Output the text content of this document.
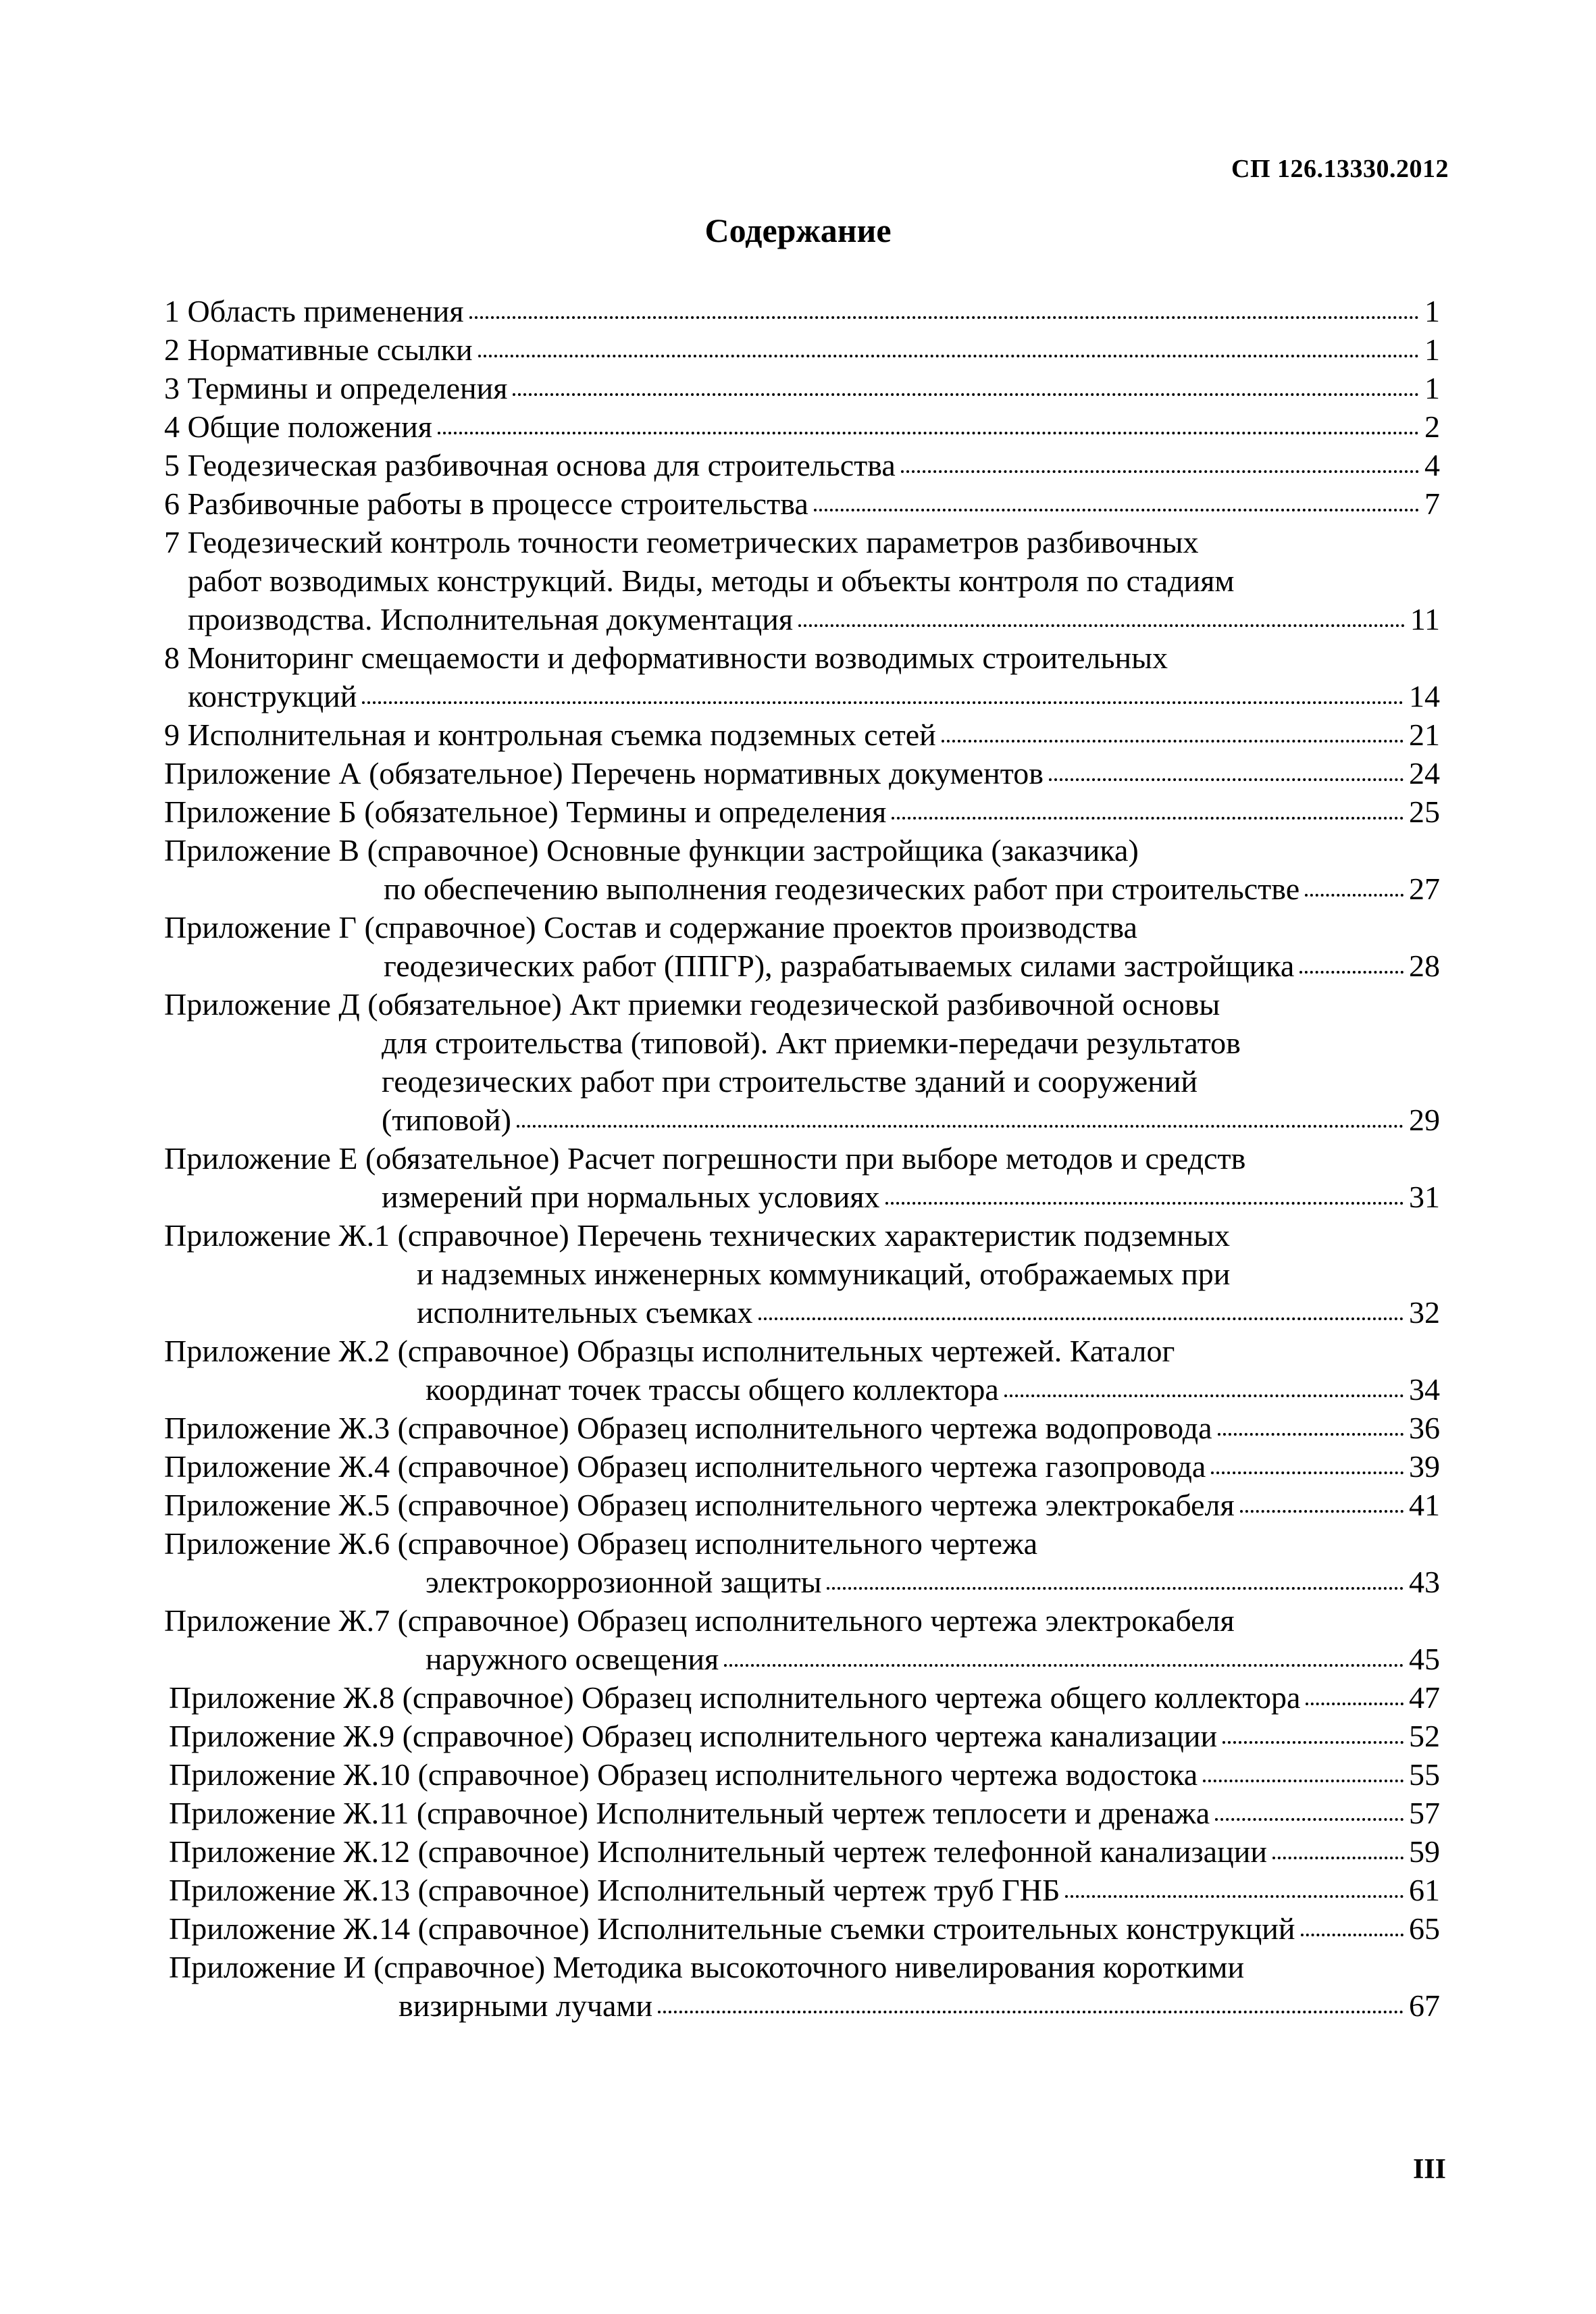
СП 126.13330.2012
Содержание
1 Область применения	1
2 Нормативные ссылки	1
3 Термины и определения	1
4 Общие положения	2
5 Геодезическая разбивочная основа для строительства	4
6 Разбивочные работы в процессе строительства	7
7 Геодезический контроль точности геометрических параметров разбивочных
работ возводимых конструкций. Виды, методы и объекты контроля по стадиям
производства. Исполнительная документация	11
8 Мониторинг смещаемости и деформативности возводимых строительных
конструкций	14
9 Исполнительная и контрольная съемка подземных сетей	21
Приложение А (обязательное) Перечень нормативных документов	24
Приложение Б (обязательное) Термины и определения	25
Приложение В (справочное) Основные функции застройщика (заказчика)
по обеспечению выполнения геодезических работ при строительстве	27
Приложение Г (справочное) Состав и содержание проектов производства
геодезических работ (ППГР), разрабатываемых силами застройщика	28
Приложение Д (обязательное) Акт приемки геодезической разбивочной основы
для строительства (типовой). Акт приемки-передачи результатов
геодезических работ при строительстве зданий и сооружений
(типовой)	29
Приложение Е (обязательное) Расчет погрешности при выборе методов и средств
измерений при нормальных условиях	31
Приложение Ж.1 (справочное) Перечень технических характеристик подземных
и надземных инженерных коммуникаций, отображаемых при
исполнительных съемках	32
Приложение Ж.2 (справочное) Образцы исполнительных чертежей. Каталог
координат точек трассы общего коллектора	34
Приложение Ж.3 (справочное) Образец исполнительного чертежа водопровода	36
Приложение Ж.4 (справочное) Образец исполнительного чертежа газопровода	39
Приложение Ж.5 (справочное) Образец исполнительного чертежа электрокабеля	41
Приложение Ж.6 (справочное) Образец исполнительного чертежа
электрокоррозионной защиты	43
Приложение Ж.7 (справочное) Образец исполнительного чертежа электрокабеля
наружного освещения	45
Приложение Ж.8 (справочное) Образец исполнительного чертежа общего коллектора	47
Приложение Ж.9 (справочное) Образец исполнительного чертежа канализации	52
Приложение Ж.10 (справочное) Образец исполнительного чертежа водостока	55
Приложение Ж.11 (справочное) Исполнительный чертеж теплосети и дренажа	57
Приложение Ж.12 (справочное) Исполнительный чертеж телефонной канализации	59
Приложение Ж.13 (справочное) Исполнительный чертеж труб ГНБ	61
Приложение Ж.14 (справочное) Исполнительные съемки строительных конструкций	65
Приложение И (справочное) Методика высокоточного нивелирования короткими
визирными лучами	67
III
